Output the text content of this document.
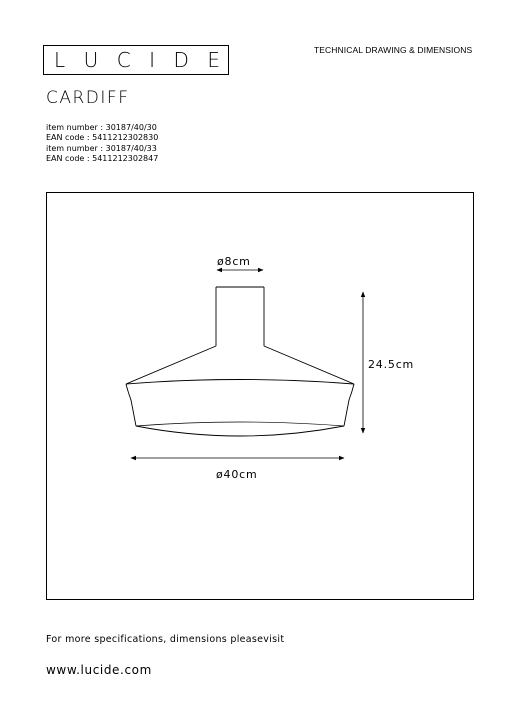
L U C I D E	TECHNICAL DRAWING & DIMENSIONS
CARDIFF
item number : 30187/40/30
EAN code : 5411212302830
item number : 30187/40/33
EAN code : 5411212302847
ø8cm
24.5cm
ø40cm
For more specifications, dimensions pleasevisit
www.lucide.com
